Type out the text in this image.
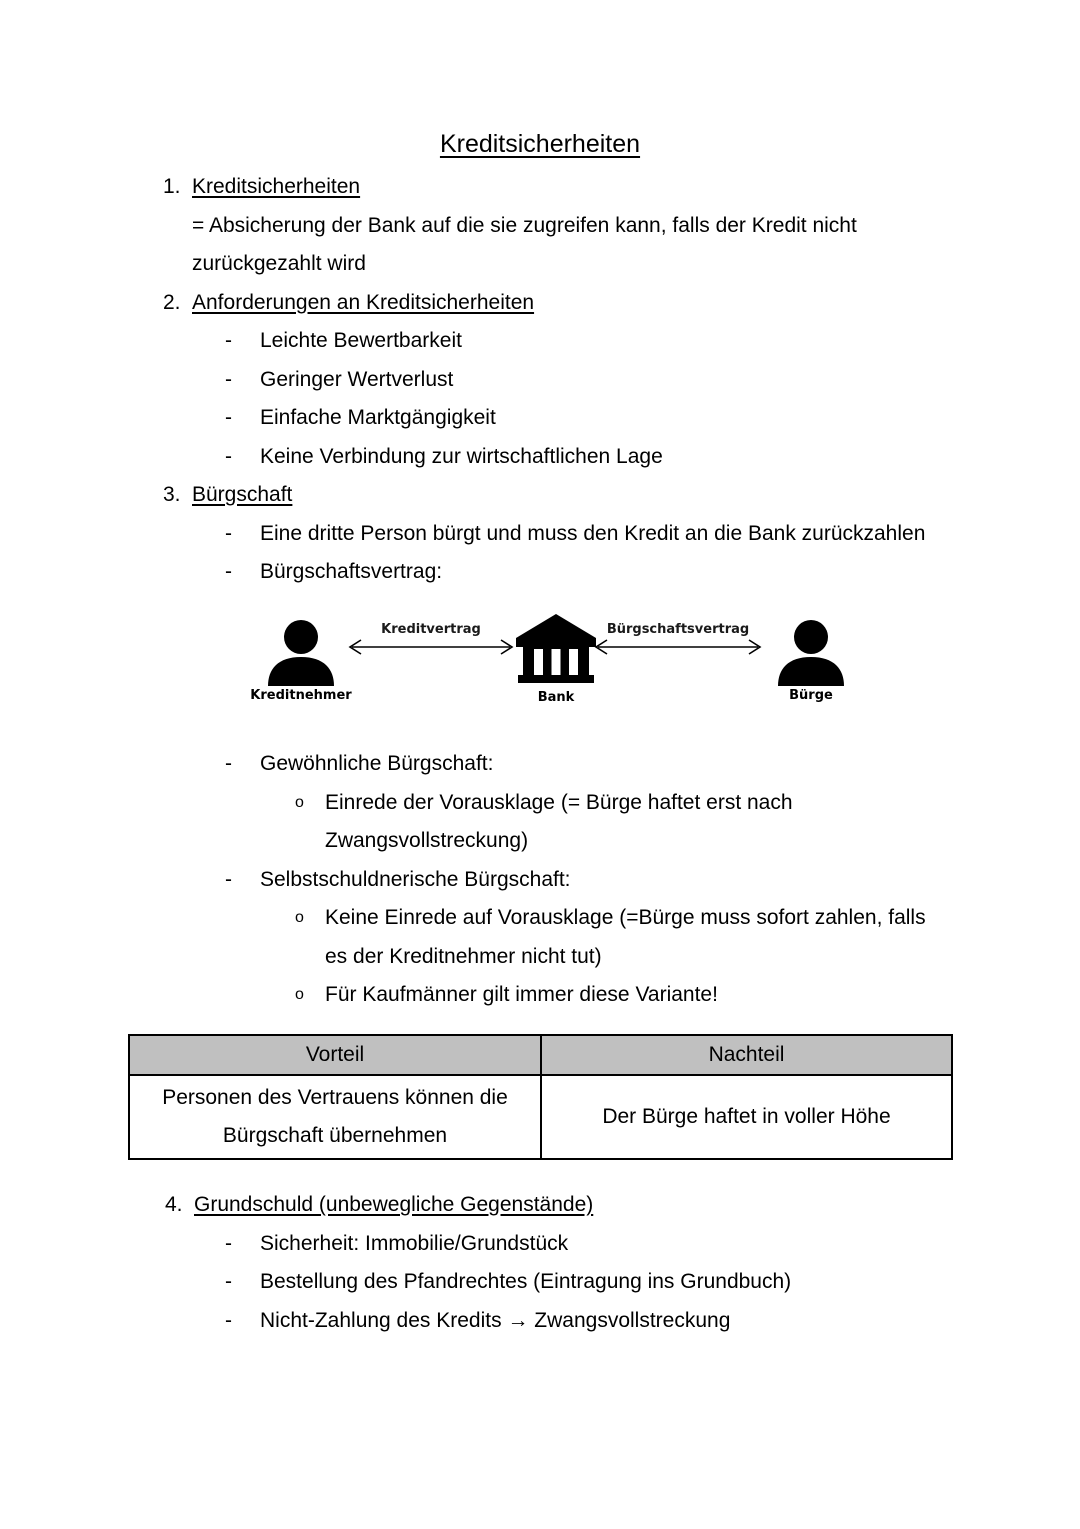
Kreditsicherheiten
1. Kreditsicherheiten
= Absicherung der Bank auf die sie zugreifen kann, falls der Kredit nicht zurückgezahlt wird
2. Anforderungen an Kreditsicherheiten
- Leichte Bewertbarkeit
- Geringer Wertverlust
- Einfache Marktgängigkeit
- Keine Verbindung zur wirtschaftlichen Lage
3. Bürgschaft
- Eine dritte Person bürgt und muss den Kredit an die Bank zurückzahlen
- Bürgschaftsvertrag:
Kreditnehmer
Kreditvertrag
Bank
Bürgschaftsvertrag
Bürge
- Gewöhnliche Bürgschaft:
o Einrede der Vorausklage (= Bürge haftet erst nach Zwangsvollstreckung)
- Selbstschuldnerische Bürgschaft:
o Keine Einrede auf Vorausklage (=Bürge muss sofort zahlen, falls es der Kreditnehmer nicht tut)
o Für Kaufmänner gilt immer diese Variante!
Vorteil	Nachteil
Personen des Vertrauens können die Bürgschaft übernehmen	Der Bürge haftet in voller Höhe
4. Grundschuld (unbewegliche Gegenstände)
- Sicherheit: Immobilie/Grundstück
- Bestellung des Pfandrechtes (Eintragung ins Grundbuch)
- Nicht-Zahlung des Kredits → Zwangsvollstreckung
